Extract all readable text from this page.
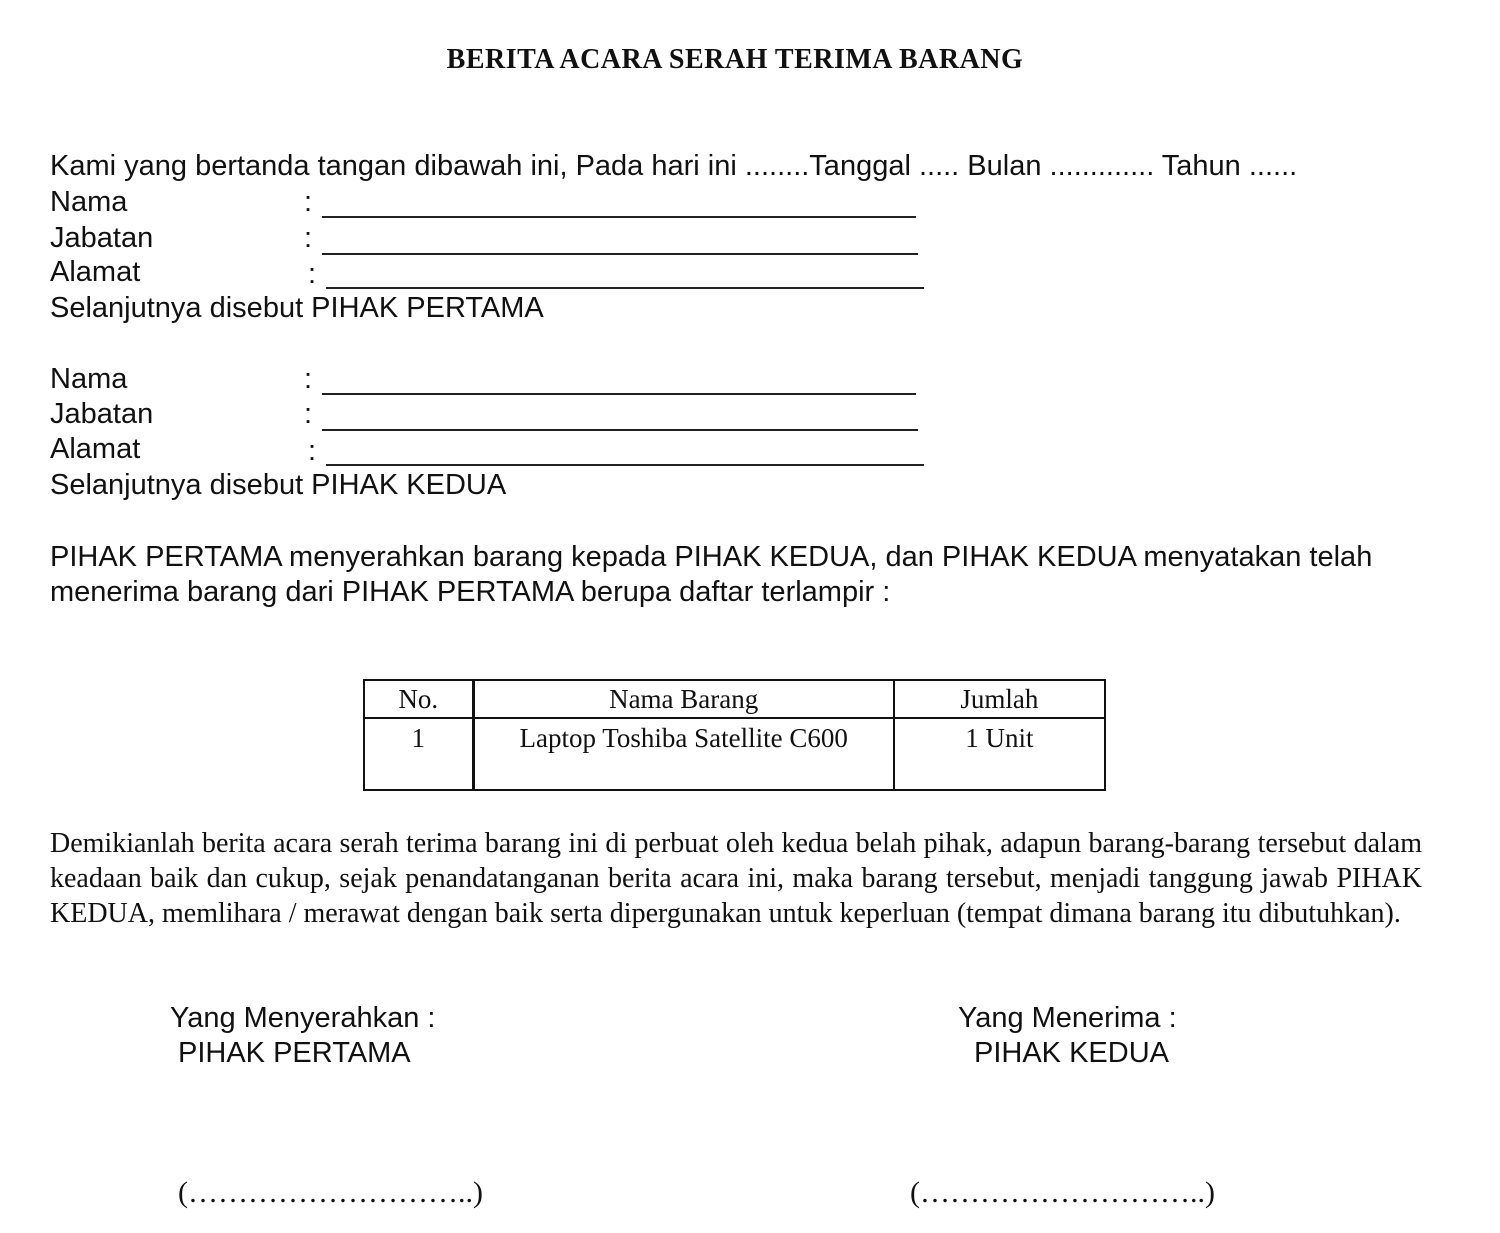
BERITA ACARA SERAH TERIMA BARANG
Kami yang bertanda tangan dibawah ini, Pada hari ini ........Tanggal ..... Bulan ............. Tahun ......
Nama	:
Jabatan	:
Alamat	:
Selanjutnya disebut PIHAK PERTAMA
Nama	:
Jabatan	:
Alamat	:
Selanjutnya disebut PIHAK KEDUA
PIHAK PERTAMA menyerahkan barang kepada PIHAK KEDUA, dan PIHAK KEDUA menyatakan telah menerima barang dari PIHAK PERTAMA berupa daftar terlampir :
No.	Nama Barang	Jumlah
1	Laptop Toshiba Satellite C600	1 Unit
Demikianlah berita acara serah terima barang ini di perbuat oleh kedua belah pihak, adapun barang-barang tersebut dalam keadaan baik dan cukup, sejak penandatanganan berita acara ini, maka barang tersebut, menjadi tanggung jawab PIHAK KEDUA, memlihara / merawat dengan baik serta dipergunakan untuk keperluan (tempat dimana barang itu dibutuhkan).
Yang Menyerahkan :
PIHAK PERTAMA
(………………………..)
Yang Menerima :
PIHAK KEDUA
(………………………..)
